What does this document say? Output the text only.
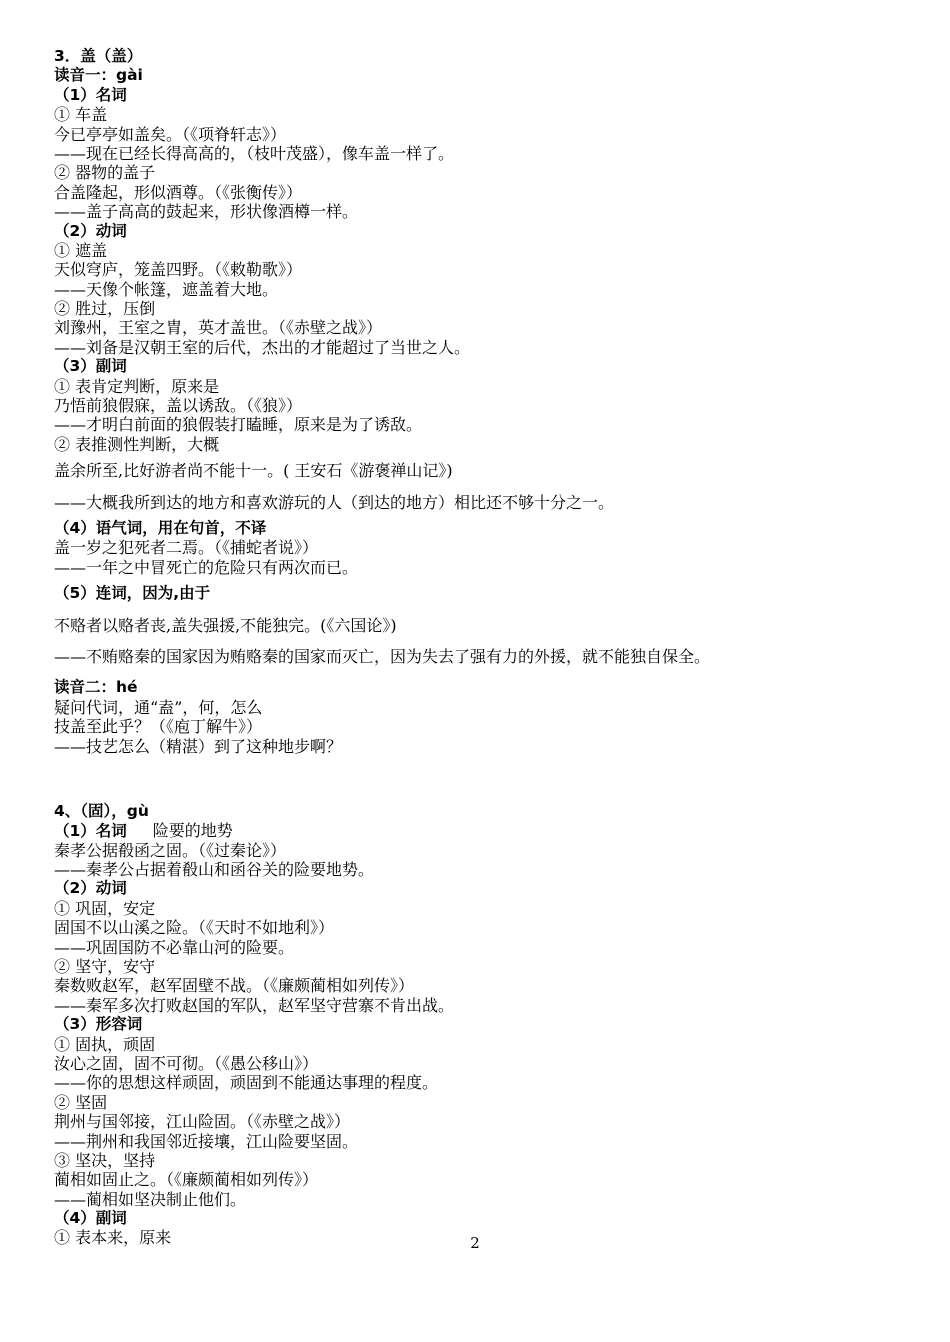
3．盖（盖）
读音一：gài
（1）名词
① 车盖
今已亭亭如盖矣。（《项脊轩志》）
——现在已经长得高高的，（枝叶茂盛），像车盖一样了。
② 器物的盖子
合盖隆起，形似酒尊。（《张衡传》）
——盖子高高的鼓起来，形状像酒樽一样。
（2）动词
① 遮盖
天似穹庐，笼盖四野。（《敕勒歌》）
——天像个帐篷，遮盖着大地。
② 胜过，压倒
刘豫州，王室之胄，英才盖世。（《赤壁之战》）
——刘备是汉朝王室的后代，杰出的才能超过了当世之人。
（3）副词
① 表肯定判断，原来是
乃悟前狼假寐，盖以诱敌。（《狼》）
——才明白前面的狼假装打瞌睡，原来是为了诱敌。
② 表推测性判断，大概
盖余所至,比好游者尚不能十一。( 王安石《游褒禅山记》)
——大概我所到达的地方和喜欢游玩的人（到达的地方）相比还不够十分之一。
（4）语气词，用在句首，不译
盖一岁之犯死者二焉。（《捕蛇者说》）
——一年之中冒死亡的危险只有两次而已。
（5）连词，因为,由于
不赂者以赂者丧,盖失强援,不能独完。(《六国论》)
——不贿赂秦的国家因为贿赂秦的国家而灭亡，因为失去了强有力的外援，就不能独自保全。
读音二：hé
疑问代词，通“盍”，何，怎么
技盖至此乎？（《庖丁解牛》）
——技艺怎么（精湛）到了这种地步啊？
4、（固），gù
（1）名词 险要的地势
秦孝公据殽函之固。（《过秦论》）
——秦孝公占据着殽山和函谷关的险要地势。
（2）动词
① 巩固，安定
固国不以山溪之险。（《天时不如地利》）
——巩固国防不必靠山河的险要。
② 坚守，安守
秦数败赵军，赵军固壁不战。（《廉颇蔺相如列传》）
——秦军多次打败赵国的军队，赵军坚守营寨不肯出战。
（3）形容词
① 固执，顽固
汝心之固，固不可彻。（《愚公移山》）
——你的思想这样顽固，顽固到不能通达事理的程度。
② 坚固
荆州与国邻接，江山险固。（《赤壁之战》）
——荆州和我国邻近接壤，江山险要坚固。
③ 坚决，坚持
蔺相如固止之。（《廉颇蔺相如列传》）
——蔺相如坚决制止他们。
（4）副词
① 表本来，原来	2
